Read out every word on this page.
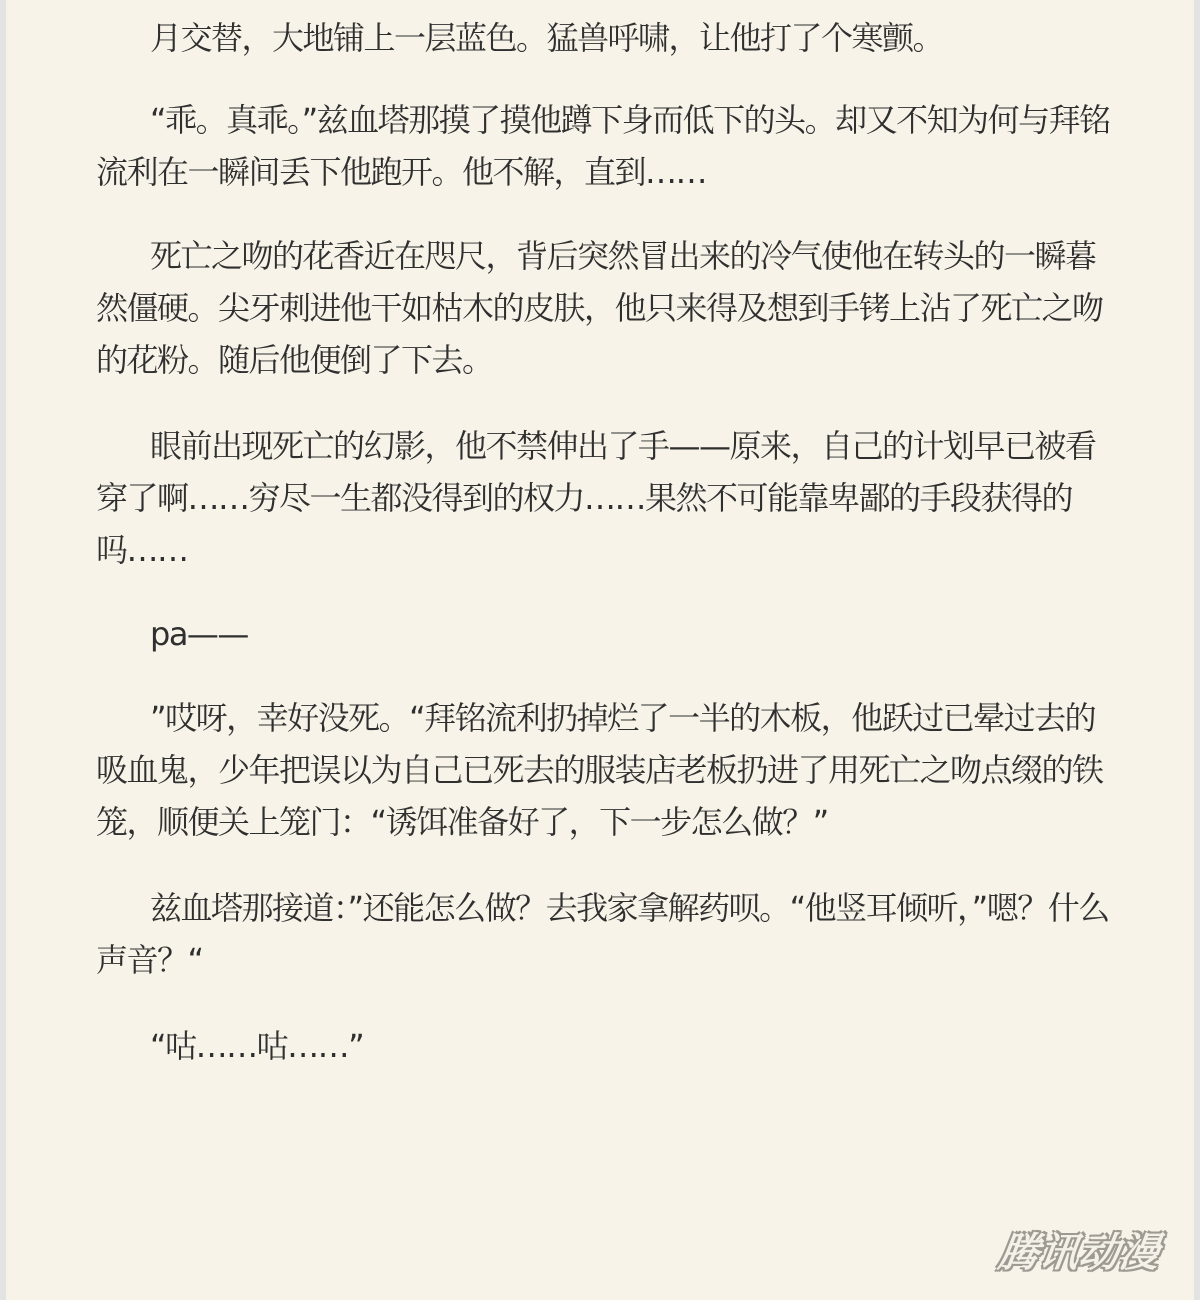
月交替，大地铺上一层蓝色。猛兽呼啸，让他打了个寒颤。

“乖。真乖。”兹血塔那摸了摸他蹲下身而低下的头。却又不知为何与拜铭流利在一瞬间丢下他跑开。他不解，直到……

死亡之吻的花香近在咫尺，背后突然冒出来的冷气使他在转头的一瞬暮然僵硬。尖牙刺进他干如枯木的皮肤，他只来得及想到手铐上沾了死亡之吻的花粉。随后他便倒了下去。

眼前出现死亡的幻影，他不禁伸出了手——原来，自己的计划早已被看穿了啊……穷尽一生都没得到的权力……果然不可能靠卑鄙的手段获得的吗……

pa——

”哎呀，幸好没死。“拜铭流利扔掉烂了一半的木板，他跃过已晕过去的吸血鬼，少年把误以为自己已死去的服装店老板扔进了用死亡之吻点缀的铁笼，顺便关上笼门：“诱饵准备好了，下一步怎么做？”

兹血塔那接道：”还能怎么做？去我家拿解药呗。“他竖耳倾听，”嗯？什么声音？“

“咕……咕……”

腾讯动漫
